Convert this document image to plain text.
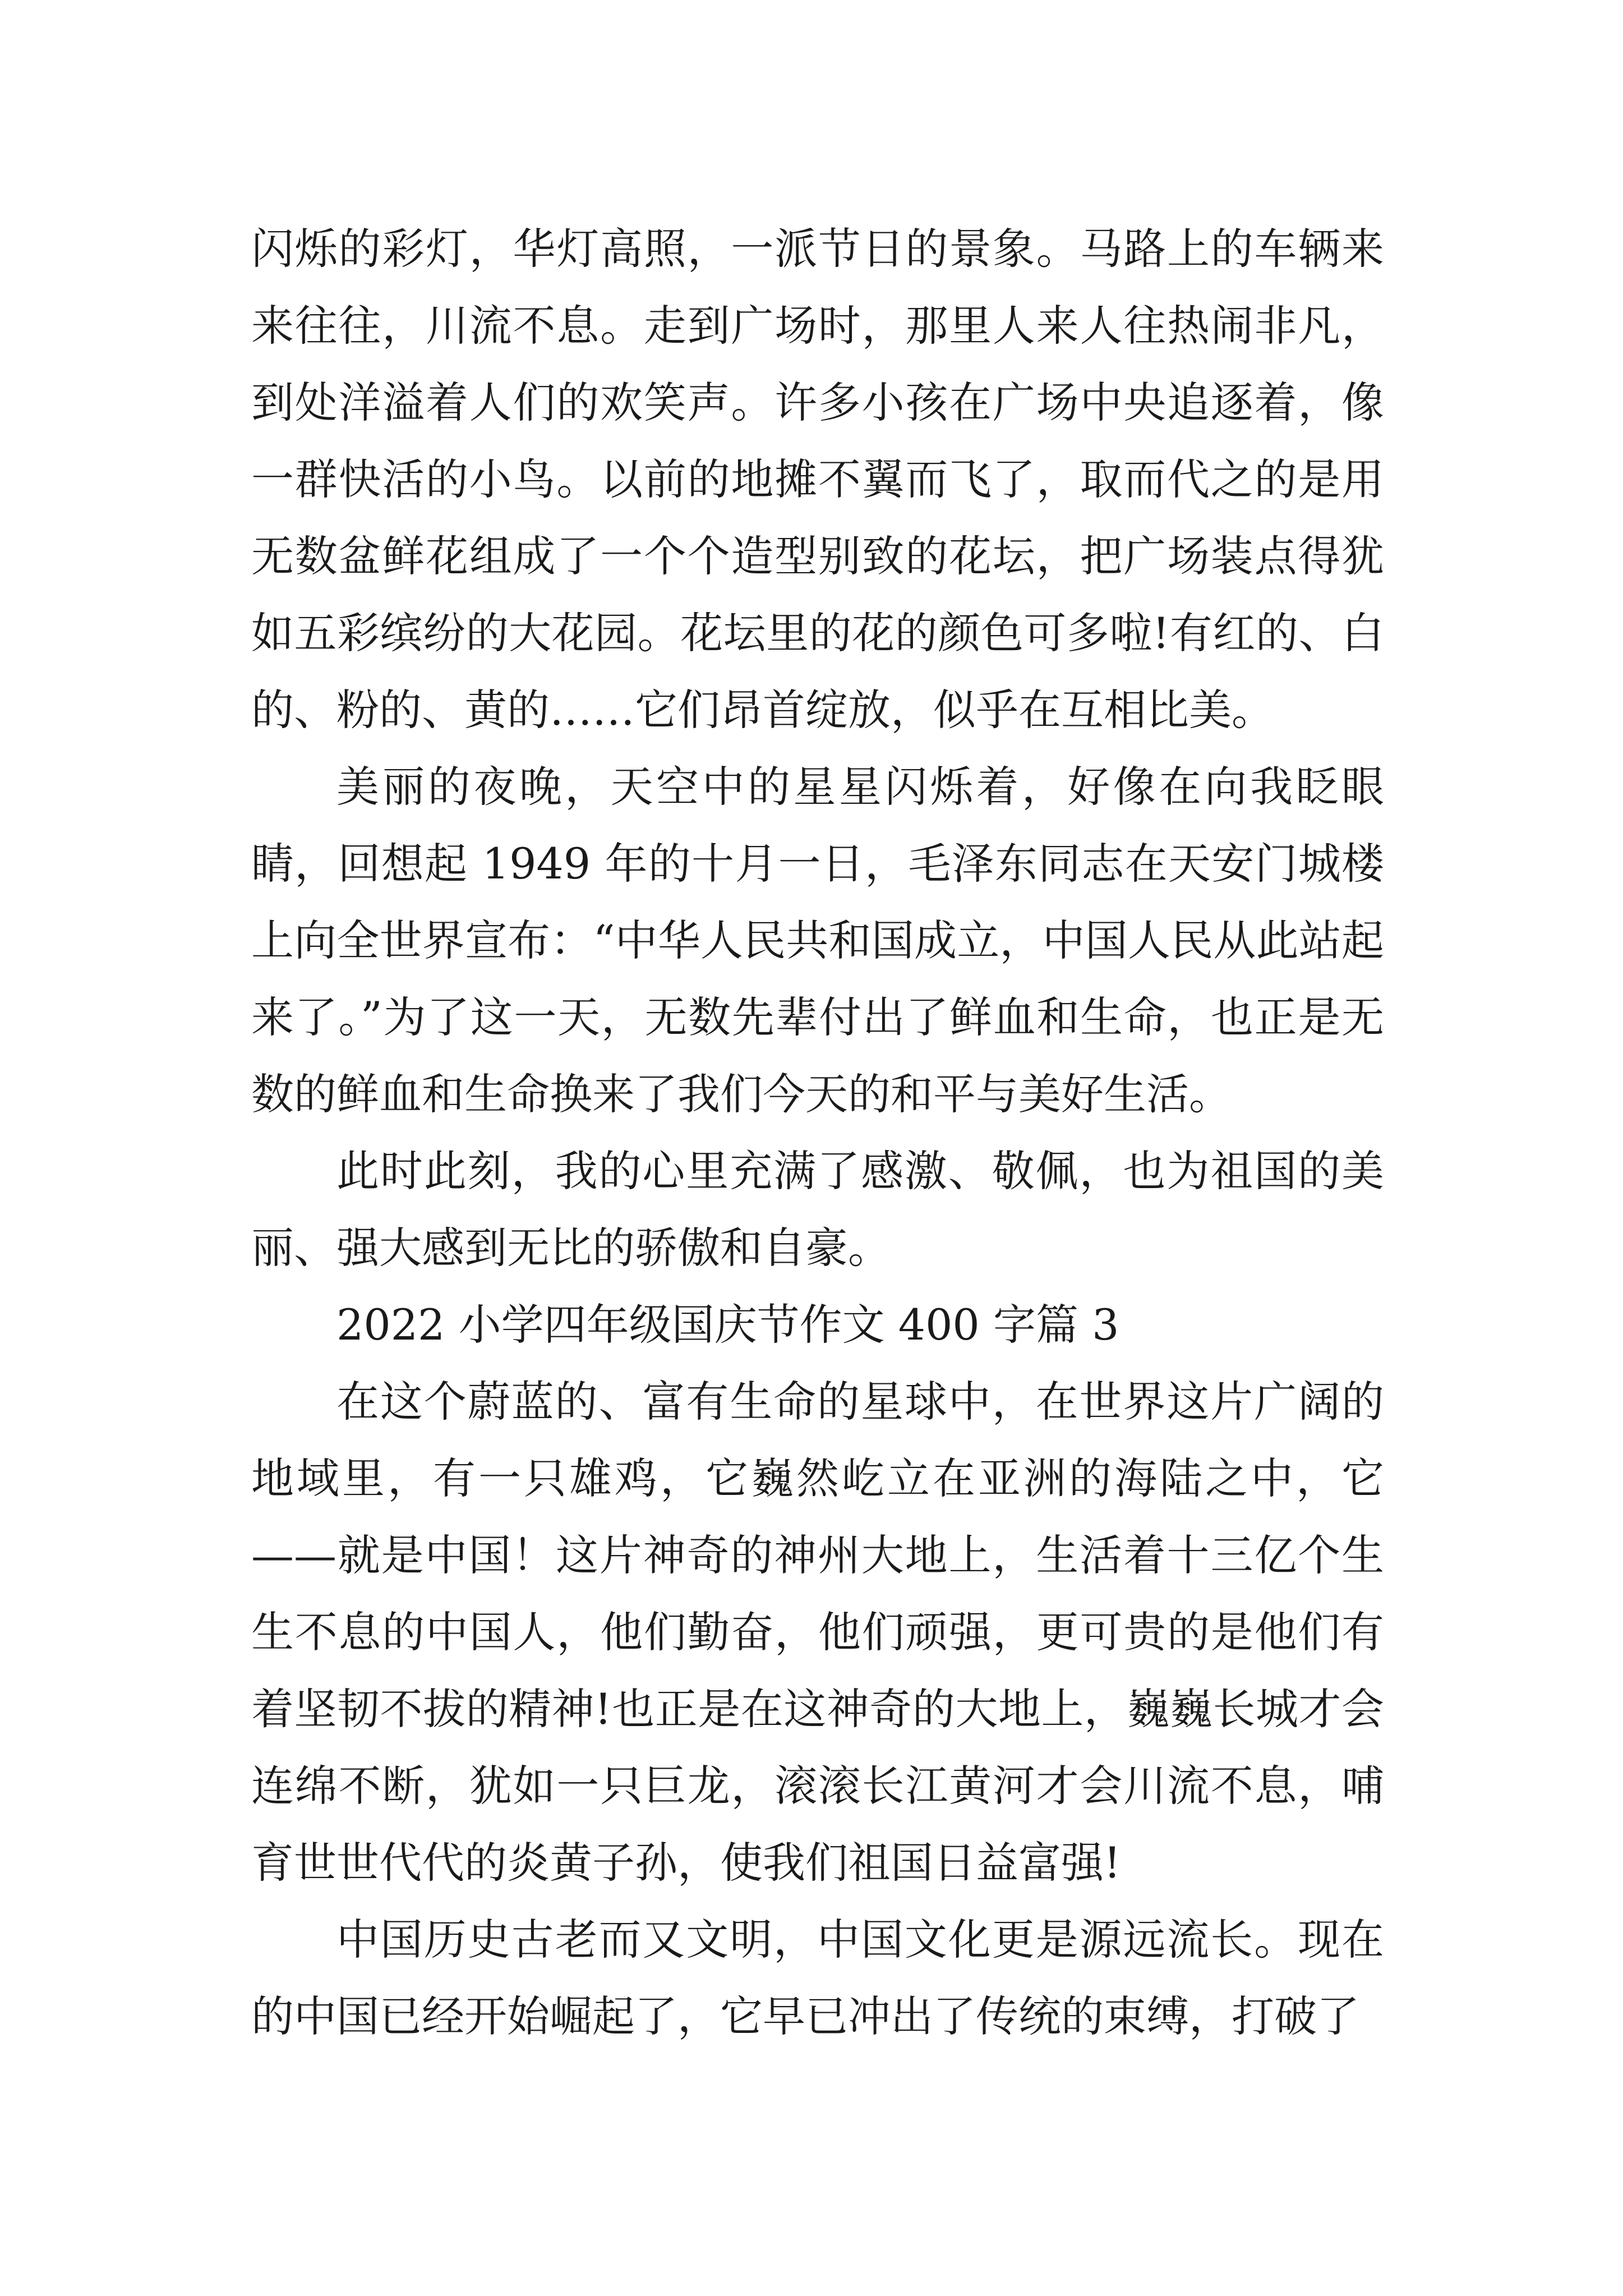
闪烁的彩灯，华灯高照，一派节日的景象。马路上的车辆来来往往，川流不息。走到广场时，那里人来人往热闹非凡，到处洋溢着人们的欢笑声。许多小孩在广场中央追逐着，像一群快活的小鸟。以前的地摊不翼而飞了，取而代之的是用无数盆鲜花组成了一个个造型别致的花坛，把广场装点得犹如五彩缤纷的大花园。花坛里的花的颜色可多啦!有红的、白的、粉的、黄的……它们昂首绽放，似乎在互相比美。

美丽的夜晚，天空中的星星闪烁着，好像在向我眨眼睛，回想起 1949 年的十月一日，毛泽东同志在天安门城楼上向全世界宣布：“中华人民共和国成立，中国人民从此站起来了。”为了这一天，无数先辈付出了鲜血和生命，也正是无数的鲜血和生命换来了我们今天的和平与美好生活。

此时此刻，我的心里充满了感激、敬佩，也为祖国的美丽、强大感到无比的骄傲和自豪。

2022 小学四年级国庆节作文 400 字篇 3

在这个蔚蓝的、富有生命的星球中，在世界这片广阔的地域里，有一只雄鸡，它巍然屹立在亚洲的海陆之中，它——就是中国！这片神奇的神州大地上，生活着十三亿个生生不息的中国人，他们勤奋，他们顽强，更可贵的是他们有着坚韧不拔的精神!也正是在这神奇的大地上，巍巍长城才会连绵不断，犹如一只巨龙，滚滚长江黄河才会川流不息，哺育世世代代的炎黄子孙，使我们祖国日益富强!

中国历史古老而又文明，中国文化更是源远流长。现在的中国已经开始崛起了，它早已冲出了传统的束缚，打破了
